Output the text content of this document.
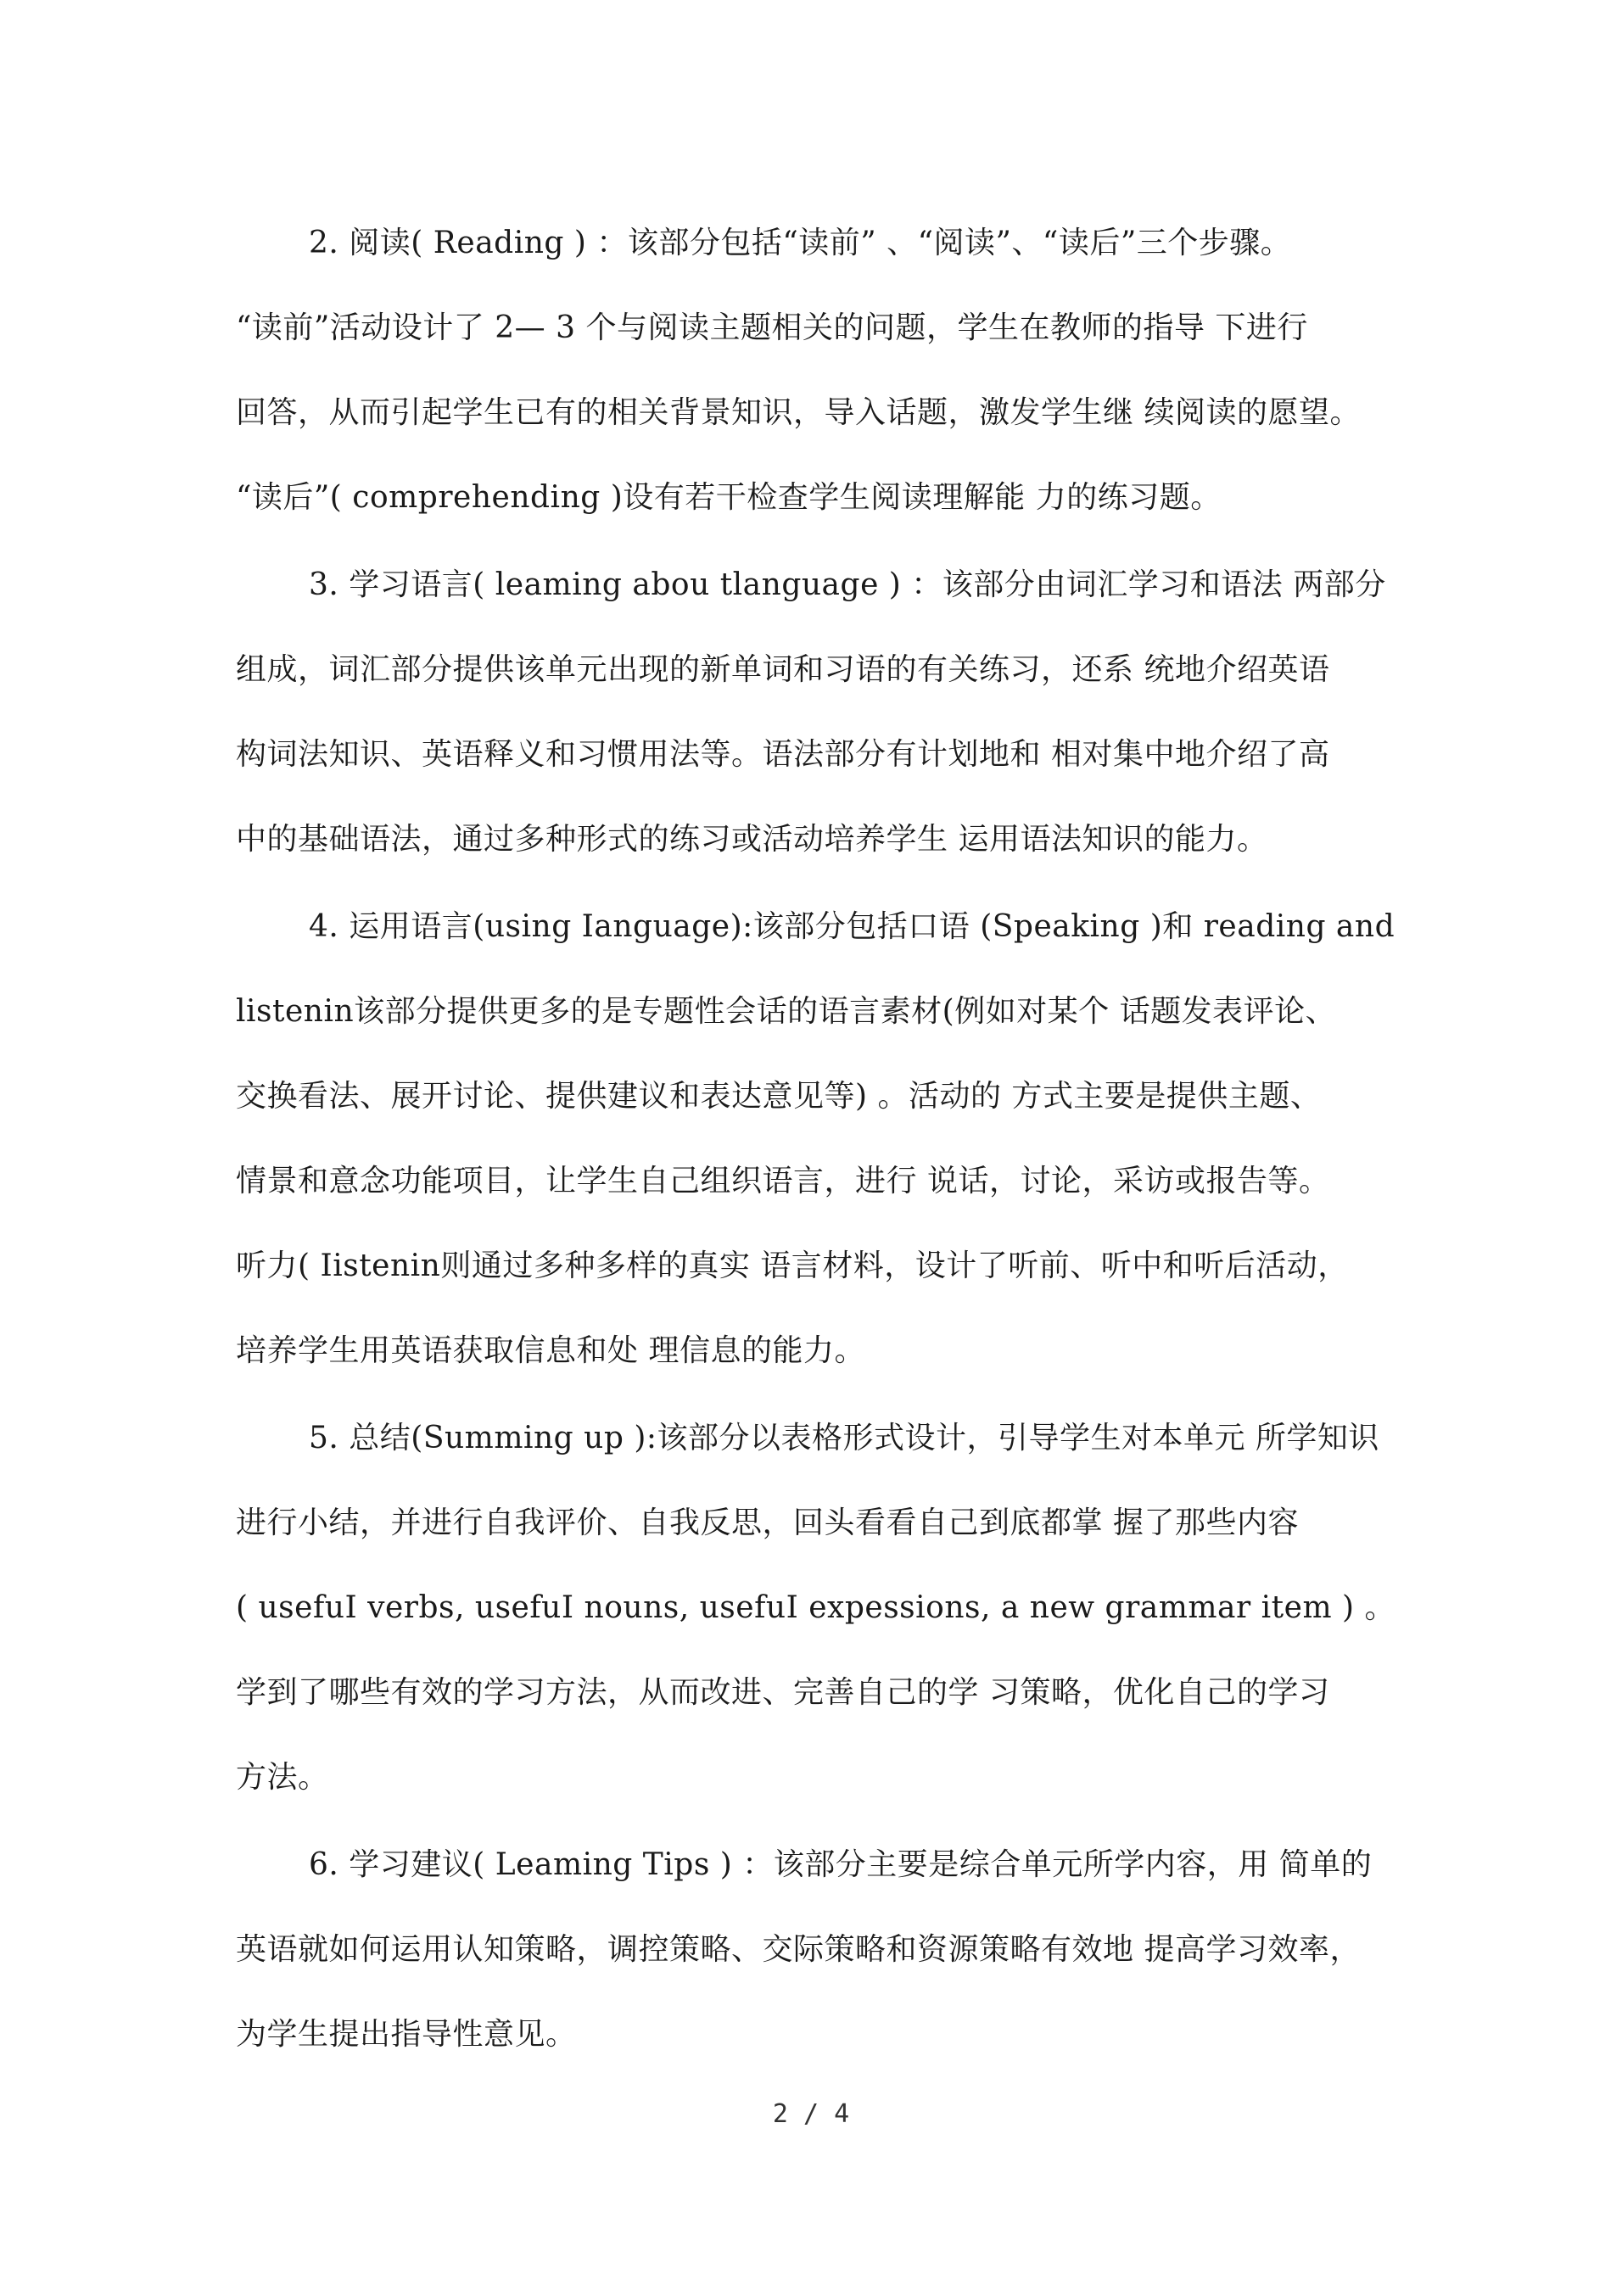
2. 阅读( Reading ) ：该部分包括“读前” 、“阅读”、“读后”三个步骤。
“读前”活动设计了 2— 3 个与阅读主题相关的问题，学生在教师的指导 下进行
回答，从而引起学生已有的相关背景知识，导入话题，激发学生继 续阅读的愿望。
“读后”( comprehending )设有若干检查学生阅读理解能 力的练习题。
3. 学习语言( leaming abou tlanguage ) ：该部分由词汇学习和语法 两部分
组成，词汇部分提供该单元出现的新单词和习语的有关练习，还系 统地介绍英语
构词法知识、英语释义和习惯用法等。语法部分有计划地和 相对集中地介绍了高
中的基础语法，通过多种形式的练习或活动培养学生 运用语法知识的能力。
4. 运用语言(using Ianguage):该部分包括口语 (Speaking )和 reading and
listenin该部分提供更多的是专题性会话的语言素材(例如对某个 话题发表评论、
交换看法、展开讨论、提供建议和表达意见等) 。活动的 方式主要是提供主题、
情景和意念功能项目，让学生自己组织语言，进行 说话，讨论，采访或报告等。
听力( Iistenin则通过多种多样的真实 语言材料，设计了听前、听中和听后活动，
培养学生用英语获取信息和处 理信息的能力。
5. 总结(Summing up ):该部分以表格形式设计，引导学生对本单元 所学知识
进行小结，并进行自我评价、自我反思，回头看看自己到底都掌 握了那些内容
( usefuI verbs, usefuI nouns, usefuI expessions, a new grammar item ) 。
学到了哪些有效的学习方法，从而改进、完善自己的学 习策略，优化自己的学习
方法。
6. 学习建议( Leaming Tips ) ：该部分主要是综合单元所学内容，用 简单的
英语就如何运用认知策略，调控策略、交际策略和资源策略有效地 提高学习效率，
为学生提出指导性意见。
2 / 4
